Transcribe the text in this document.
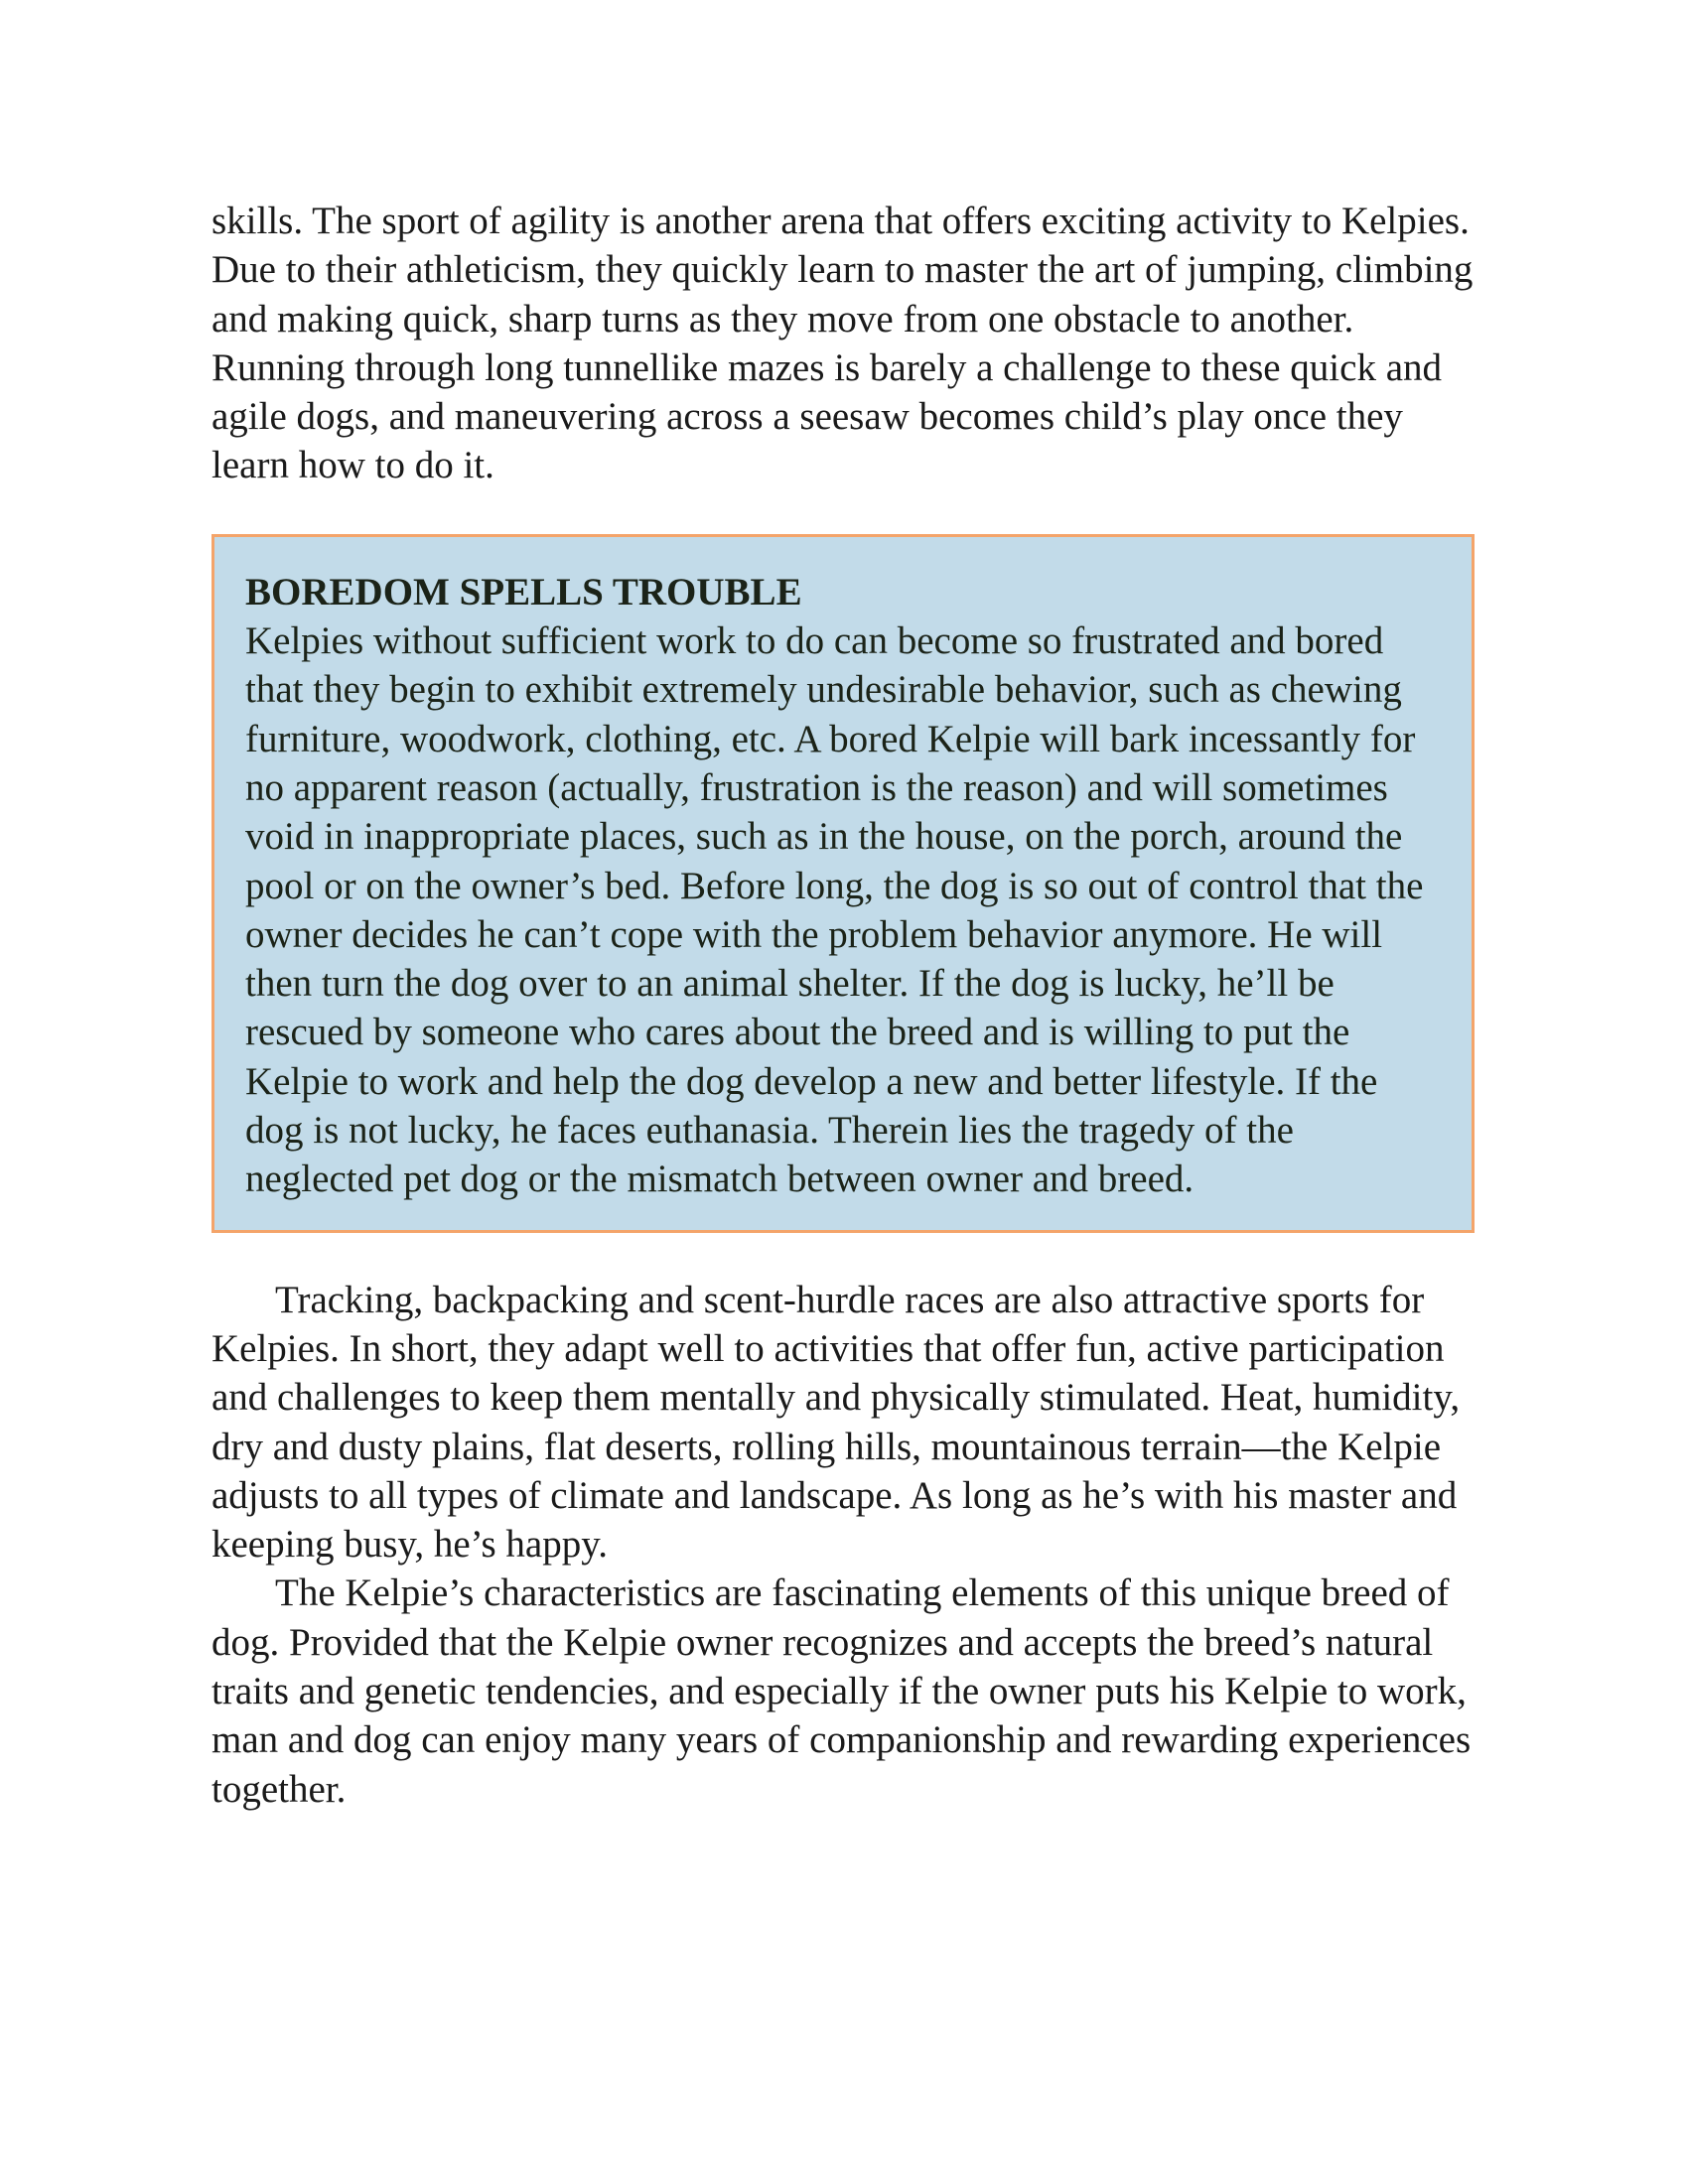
skills. The sport of agility is another arena that offers exciting activity to Kelpies. Due to their athleticism, they quickly learn to master the art of jumping, climbing and making quick, sharp turns as they move from one obstacle to another. Running through long tunnellike mazes is barely a challenge to these quick and agile dogs, and maneuvering across a seesaw becomes child’s play once they learn how to do it.

BOREDOM SPELLS TROUBLE

Kelpies without sufficient work to do can become so frustrated and bored that they begin to exhibit extremely undesirable behavior, such as chewing furniture, woodwork, clothing, etc. A bored Kelpie will bark incessantly for no apparent reason (actually, frustration is the reason) and will sometimes void in inappropriate places, such as in the house, on the porch, around the pool or on the owner’s bed. Before long, the dog is so out of control that the owner decides he can’t cope with the problem behavior anymore. He will then turn the dog over to an animal shelter. If the dog is lucky, he’ll be rescued by someone who cares about the breed and is willing to put the Kelpie to work and help the dog develop a new and better lifestyle. If the dog is not lucky, he faces euthanasia. Therein lies the tragedy of the neglected pet dog or the mismatch between owner and breed.

Tracking, backpacking and scent-hurdle races are also attractive sports for Kelpies. In short, they adapt well to activities that offer fun, active participation and challenges to keep them mentally and physically stimulated. Heat, humidity, dry and dusty plains, flat deserts, rolling hills, mountainous terrain—the Kelpie adjusts to all types of climate and landscape. As long as he’s with his master and keeping busy, he’s happy.

The Kelpie’s characteristics are fascinating elements of this unique breed of dog. Provided that the Kelpie owner recognizes and accepts the breed’s natural traits and genetic tendencies, and especially if the owner puts his Kelpie to work, man and dog can enjoy many years of companionship and rewarding experiences together.
